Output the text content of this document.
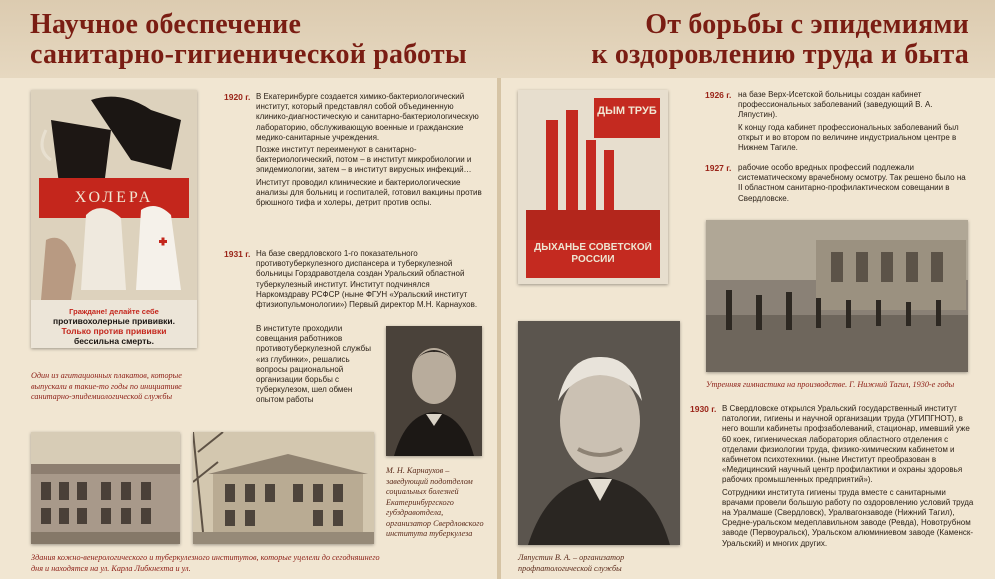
Научное обеспечение
санитарно-гигиенической работы
От борьбы с эпидемиями
к оздоровлению труда и быта
ХОЛЕРА
Граждане! делайте себе
противохолерные прививки.
Только против прививки
бессильна смерть.
Один из агитационных плакатов, которые выпускали в такие-то годы по инициативе санитарно-эпидемиологической службы
1920 г. В Екатеринбурге создается химико-бактериологический институт, который представлял собой объединенную клинико-диагностическую и санитарно-бактериологическую лабораторию, обслуживающую военные и гражданские медико-санитарные учреждения.

Позже институт переименуют в санитарно-бактериологический, потом – в институт микробиологии и эпидемиологии, затем – в институт вирусных инфекций…

Институт проводил клинические и бактериологические анализы для больниц и госпиталей, готовил вакцины против брюшного тифа и холеры, детрит против оспы.

1931 г. На базе свердловского 1-го показательного противотуберкулезного диспансера и туберкулезной больницы Горздравотдела создан Уральский областной туберкулезный институт. Институт подчинялся Наркомздраву РСФСР (ныне ФГУН «Уральский институт фтизиопульмонологии») Первый директор М.Н. Карнаухов.

В институте проходили совещания работников противотуберкулезной службы «из глубинки», решались вопросы рациональной организации борьбы с туберкулезом, шел обмен опытом работы
М. Н. Карнаухов – заведующий подотделом социальных болезней Екатеринбургского губздравотдела, организатор Свердловского института туберкулеза
Здания кожно-венерологического и туберкулезного институтов, которые уцелели до сегодняшнего дня и находятся на ул. Карла Либкнехта и ул.
ДЫМ ТРУБ
ДЫХАНЬЕ СОВЕТСКОЙ РОССИИ
1926 г. на базе Верх-Исетской больницы создан кабинет профессиональных заболеваний (заведующий В. А. Ляпустин).

К концу года кабинет профессиональных заболеваний был открыт и во втором по величине индустриальном центре в Нижнем Тагиле.

1927 г. рабочие особо вредных профессий подлежали систематическому врачебному осмотру. Так решено было на II областном санитарно-профилактическом совещании в Свердловске.
Утренняя гимнастика на производстве. Г. Нижний Тагил, 1930-е годы
Ляпустин В. А. – организатор профпатологической службы
1930 г. В Свердловске открылся Уральский государственный институт патологии, гигиены и научной организации труда (УГИПГНОТ), в него вошли кабинеты профзаболеваний, стационар, имевший уже 60 коек, гигиеническая лаборатория областного отделения с отделами физиологии труда, физико-химическим кабинетом и кабинетом психотехники. (ныне Институт преобразован в «Медицинский научный центр профилактики и охраны здоровья рабочих промышленных предприятий»).

Сотрудники института гигиены труда вместе с санитарными врачами провели большую работу по оздоровлению условий труда на Уралмаше (Свердловск), Уралвагонзаводе (Нижний Тагил), Средне-уральском медеплавильном заводе (Ревда), Новотрубном заводе (Первоуральск), Уральском алюминиевом заводе (Каменск-Уральский) и многих других.
